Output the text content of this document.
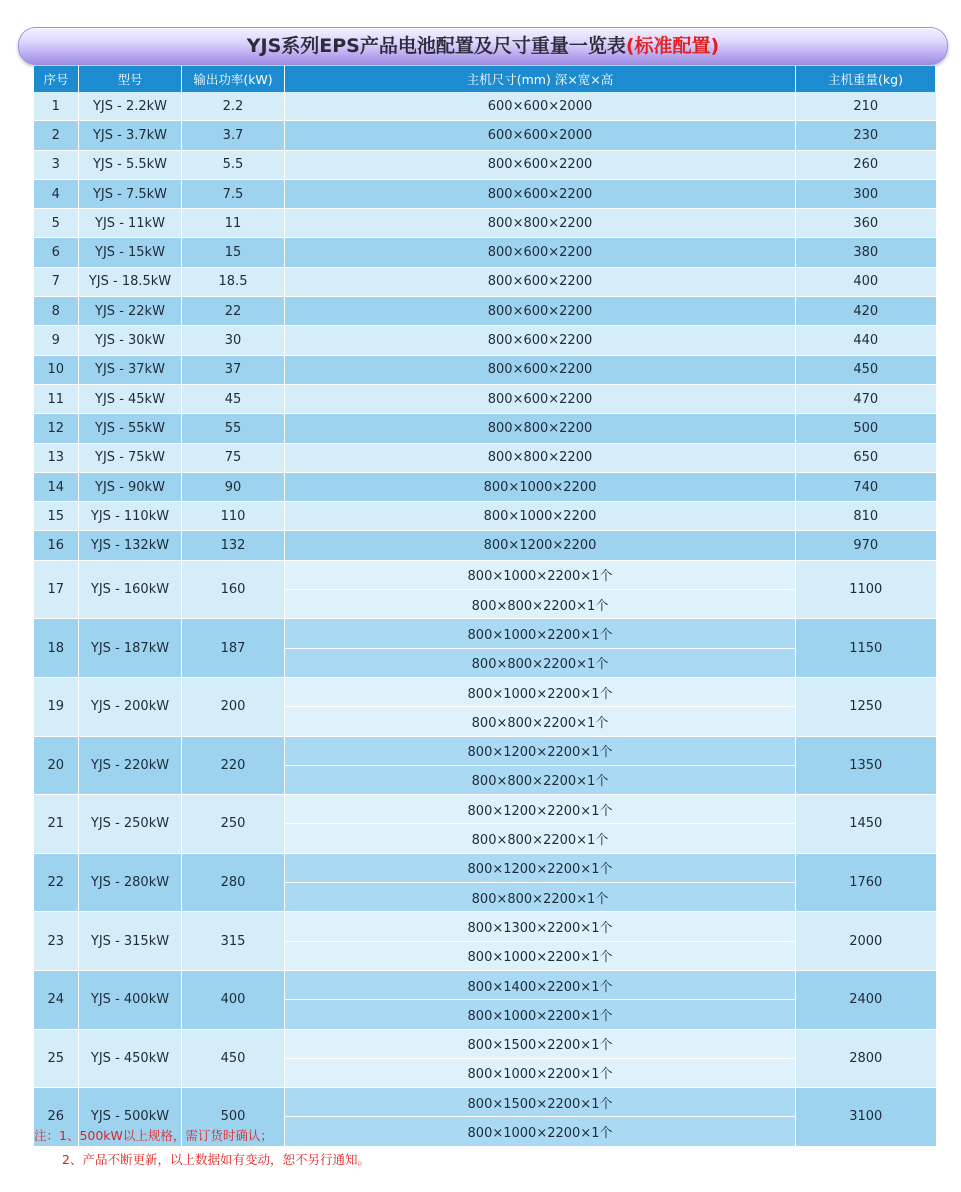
YJS系列EPS产品电池配置及尺寸重量一览表(标准配置)
序号	型号	输出功率(kW)	主机尺寸(mm) 深×宽×高	主机重量(kg)
1	YJS - 2.2kW	2.2	600×600×2000	210
2	YJS - 3.7kW	3.7	600×600×2000	230
3	YJS - 5.5kW	5.5	800×600×2200	260
4	YJS - 7.5kW	7.5	800×600×2200	300
5	YJS - 11kW	11	800×800×2200	360
6	YJS - 15kW	15	800×600×2200	380
7	YJS - 18.5kW	18.5	800×600×2200	400
8	YJS - 22kW	22	800×600×2200	420
9	YJS - 30kW	30	800×600×2200	440
10	YJS - 37kW	37	800×600×2200	450
11	YJS - 45kW	45	800×600×2200	470
12	YJS - 55kW	55	800×800×2200	500
13	YJS - 75kW	75	800×800×2200	650
14	YJS - 90kW	90	800×1000×2200	740
15	YJS - 110kW	110	800×1000×2200	810
16	YJS - 132kW	132	800×1200×2200	970
17	YJS - 160kW	160	800×1000×2200×1个	1100
			800×800×2200×1个	
18	YJS - 187kW	187	800×1000×2200×1个	1150
			800×800×2200×1个	
19	YJS - 200kW	200	800×1000×2200×1个	1250
			800×800×2200×1个	
20	YJS - 220kW	220	800×1200×2200×1个	1350
			800×800×2200×1个	
21	YJS - 250kW	250	800×1200×2200×1个	1450
			800×800×2200×1个	
22	YJS - 280kW	280	800×1200×2200×1个	1760
			800×800×2200×1个	
23	YJS - 315kW	315	800×1300×2200×1个	2000
			800×1000×2200×1个	
24	YJS - 400kW	400	800×1400×2200×1个	2400
			800×1000×2200×1个	
25	YJS - 450kW	450	800×1500×2200×1个	2800
			800×1000×2200×1个	
26	YJS - 500kW	500	800×1500×2200×1个	3100
			800×1000×2200×1个	
注：1、500kW以上规格，需订货时确认；
2、产品不断更新，以上数据如有变动，恕不另行通知。
